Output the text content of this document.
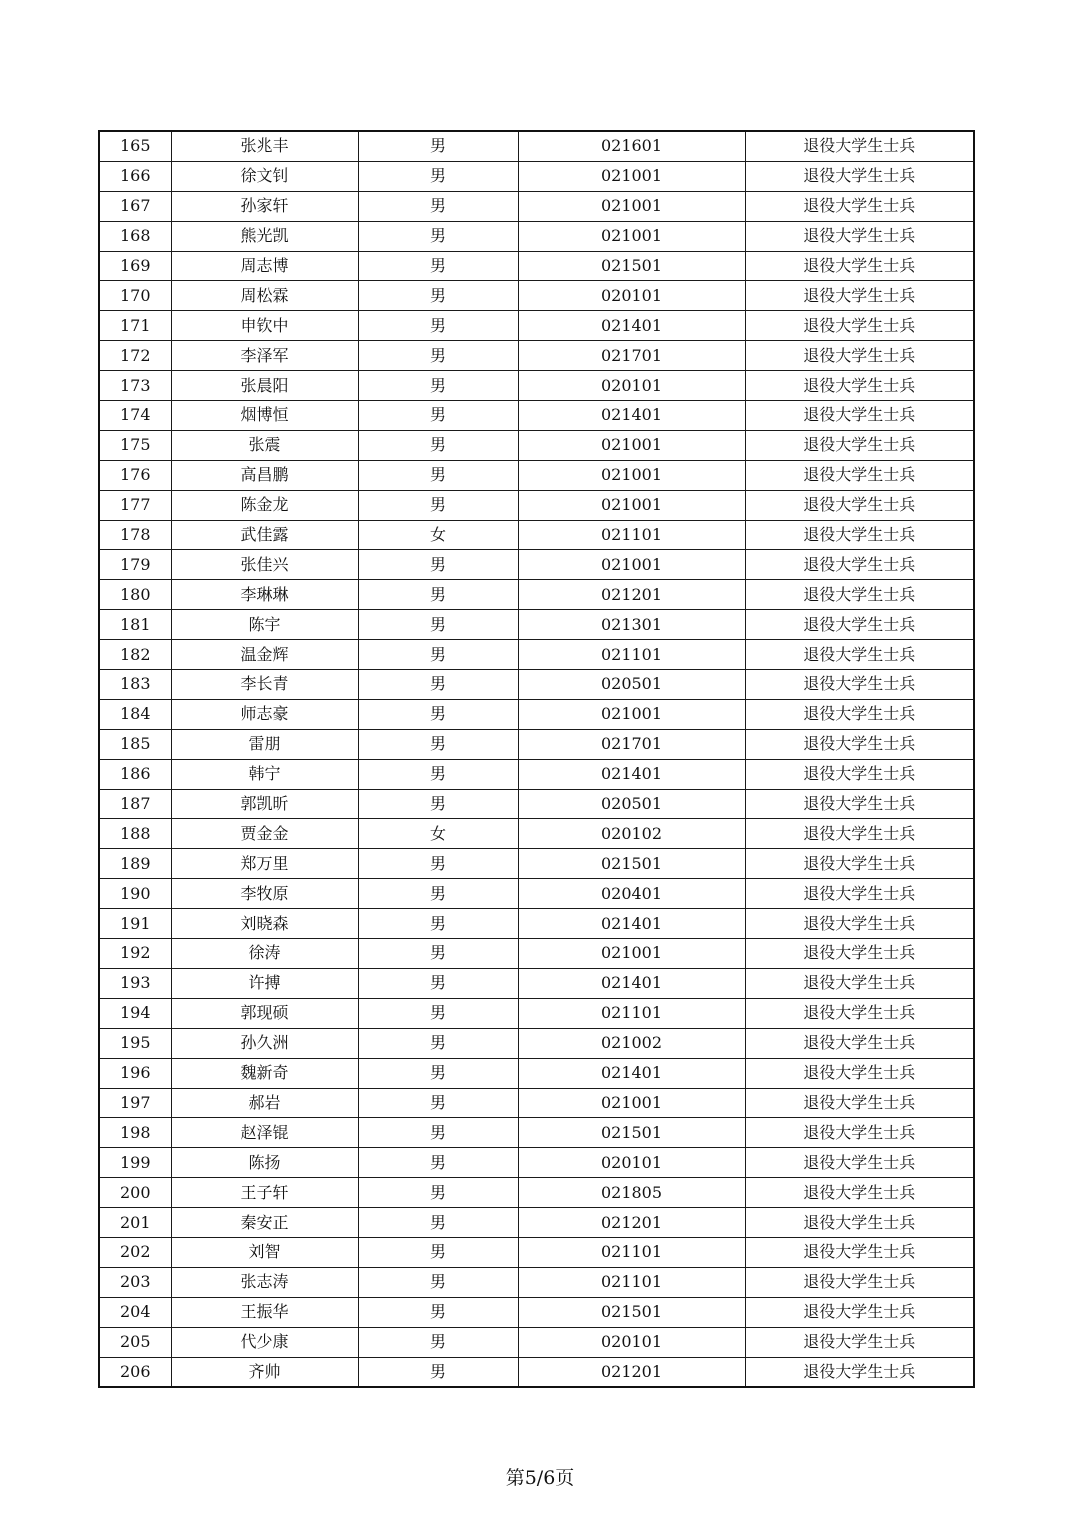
165	张兆丰	男	021601	退役大学生士兵
166	徐文钊	男	021001	退役大学生士兵
167	孙家轩	男	021001	退役大学生士兵
168	熊光凯	男	021001	退役大学生士兵
169	周志博	男	021501	退役大学生士兵
170	周松霖	男	020101	退役大学生士兵
171	申钦中	男	021401	退役大学生士兵
172	李泽军	男	021701	退役大学生士兵
173	张晨阳	男	020101	退役大学生士兵
174	烟博恒	男	021401	退役大学生士兵
175	张震	男	021001	退役大学生士兵
176	高昌鹏	男	021001	退役大学生士兵
177	陈金龙	男	021001	退役大学生士兵
178	武佳露	女	021101	退役大学生士兵
179	张佳兴	男	021001	退役大学生士兵
180	李琳琳	男	021201	退役大学生士兵
181	陈宇	男	021301	退役大学生士兵
182	温金辉	男	021101	退役大学生士兵
183	李长青	男	020501	退役大学生士兵
184	师志豪	男	021001	退役大学生士兵
185	雷朋	男	021701	退役大学生士兵
186	韩宁	男	021401	退役大学生士兵
187	郭凯昕	男	020501	退役大学生士兵
188	贾金金	女	020102	退役大学生士兵
189	郑万里	男	021501	退役大学生士兵
190	李牧原	男	020401	退役大学生士兵
191	刘晓森	男	021401	退役大学生士兵
192	徐涛	男	021001	退役大学生士兵
193	许搏	男	021401	退役大学生士兵
194	郭现硕	男	021101	退役大学生士兵
195	孙久洲	男	021002	退役大学生士兵
196	魏新奇	男	021401	退役大学生士兵
197	郝岩	男	021001	退役大学生士兵
198	赵泽锟	男	021501	退役大学生士兵
199	陈扬	男	020101	退役大学生士兵
200	王子轩	男	021805	退役大学生士兵
201	秦安正	男	021201	退役大学生士兵
202	刘智	男	021101	退役大学生士兵
203	张志涛	男	021101	退役大学生士兵
204	王振华	男	021501	退役大学生士兵
205	代少康	男	020101	退役大学生士兵
206	齐帅	男	021201	退役大学生士兵
第5/6页
